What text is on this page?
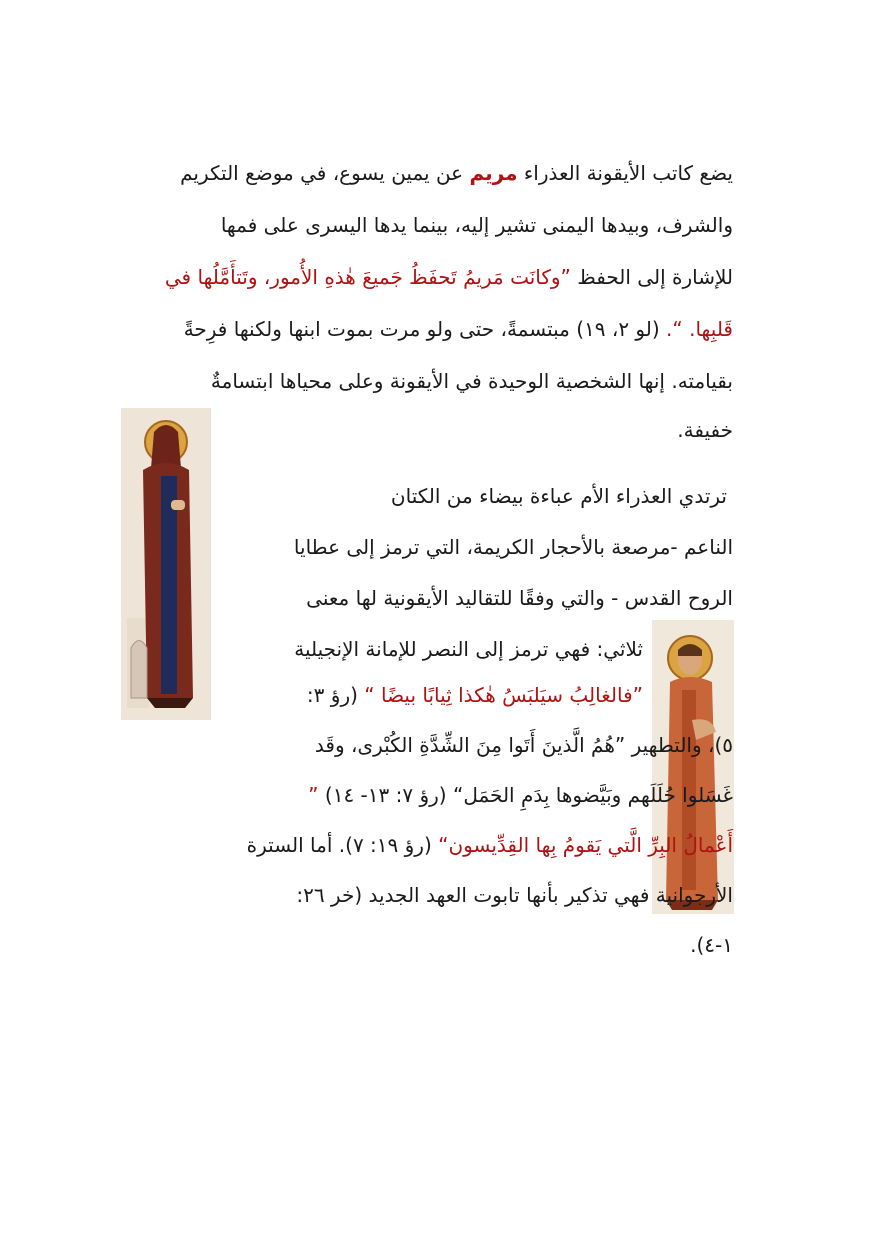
يضع كاتب الأيقونة العذراء مريم عن يمين يسوع، في موضع التكريم
والشرف، وبيدها اليمنى تشير إليه، بينما يدها اليسرى على فمها
للإشارة إلى الحفظ ”وكانَت مَريمُ تَحفَظُ جَميعَ هٰذهِ الأُمور، وتَتأَمَّلُها في
قَلبِها. “. (لو ٢، ١٩) مبتسمةً، حتى ولو مرت بموت ابنها ولكنها فرِحةً
بقيامته. إنها الشخصية الوحيدة في الأيقونة وعلى محياها ابتسامةٌ
خفيفة.
ترتدي العذراء الأم عباءة بيضاء من الكتان
الناعم -مرصعة بالأحجار الكريمة، التي ترمز إلى عطايا
الروح القدس - والتي وفقًا للتقاليد الأيقونية لها معنى
ثلاثي: فهي ترمز إلى النصر للإمانة الإنجيلية
”فالغالِبُ سيَلبَسُ هٰكذا ثِيابًا بيضًا “ (رؤ ٣:
٥)، والتطهير ”هُمُ الَّذينَ أَتَوا مِنَ الشِّدَّةِ الكُبْرى، وقَد
غَسَلوا حُلَلَهم وبَيَّضوها بِدَمِ الحَمَل“ (رؤ ٧: ١٣- ١٤) ”
أَعْمالُ البِرِّ الَّتي يَقومُ بِها القِدِّيسون“ (رؤ ١٩: ٧). أما السترة
الأرجوانية فهي تذكير بأنها تابوت العهد الجديد (خر ٢٦:
١-٤).
